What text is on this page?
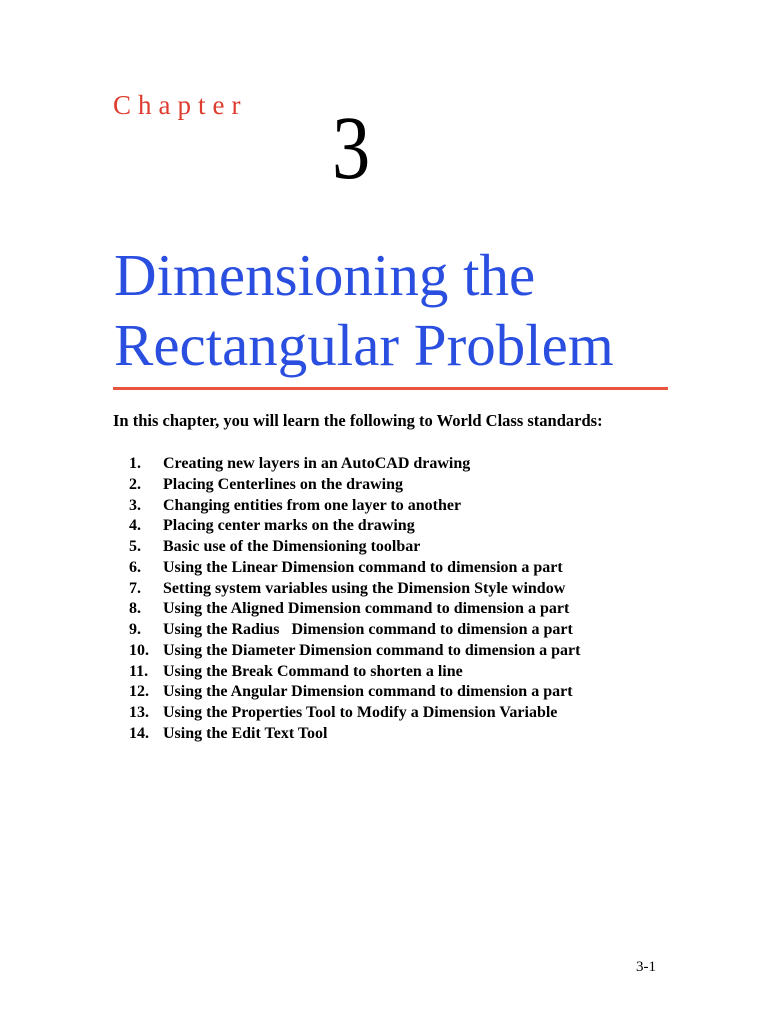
Chapter 3
Dimensioning the
Rectangular Problem

In this chapter, you will learn the following to World Class standards:

1.	Creating new layers in an AutoCAD drawing
2.	Placing Centerlines on the drawing
3.	Changing entities from one layer to another
4.	Placing center marks on the drawing
5.	Basic use of the Dimensioning toolbar
6.	Using the Linear Dimension command to dimension a part
7.	Setting system variables using the Dimension Style window
8.	Using the Aligned Dimension command to dimension a part
9.	Using the Radius   Dimension command to dimension a part
10. Using the Diameter Dimension command to dimension a part
11. Using the Break Command to shorten a line
12. Using the Angular Dimension command to dimension a part
13. Using the Properties Tool to Modify a Dimension Variable
14. Using the Edit Text Tool
3-1
